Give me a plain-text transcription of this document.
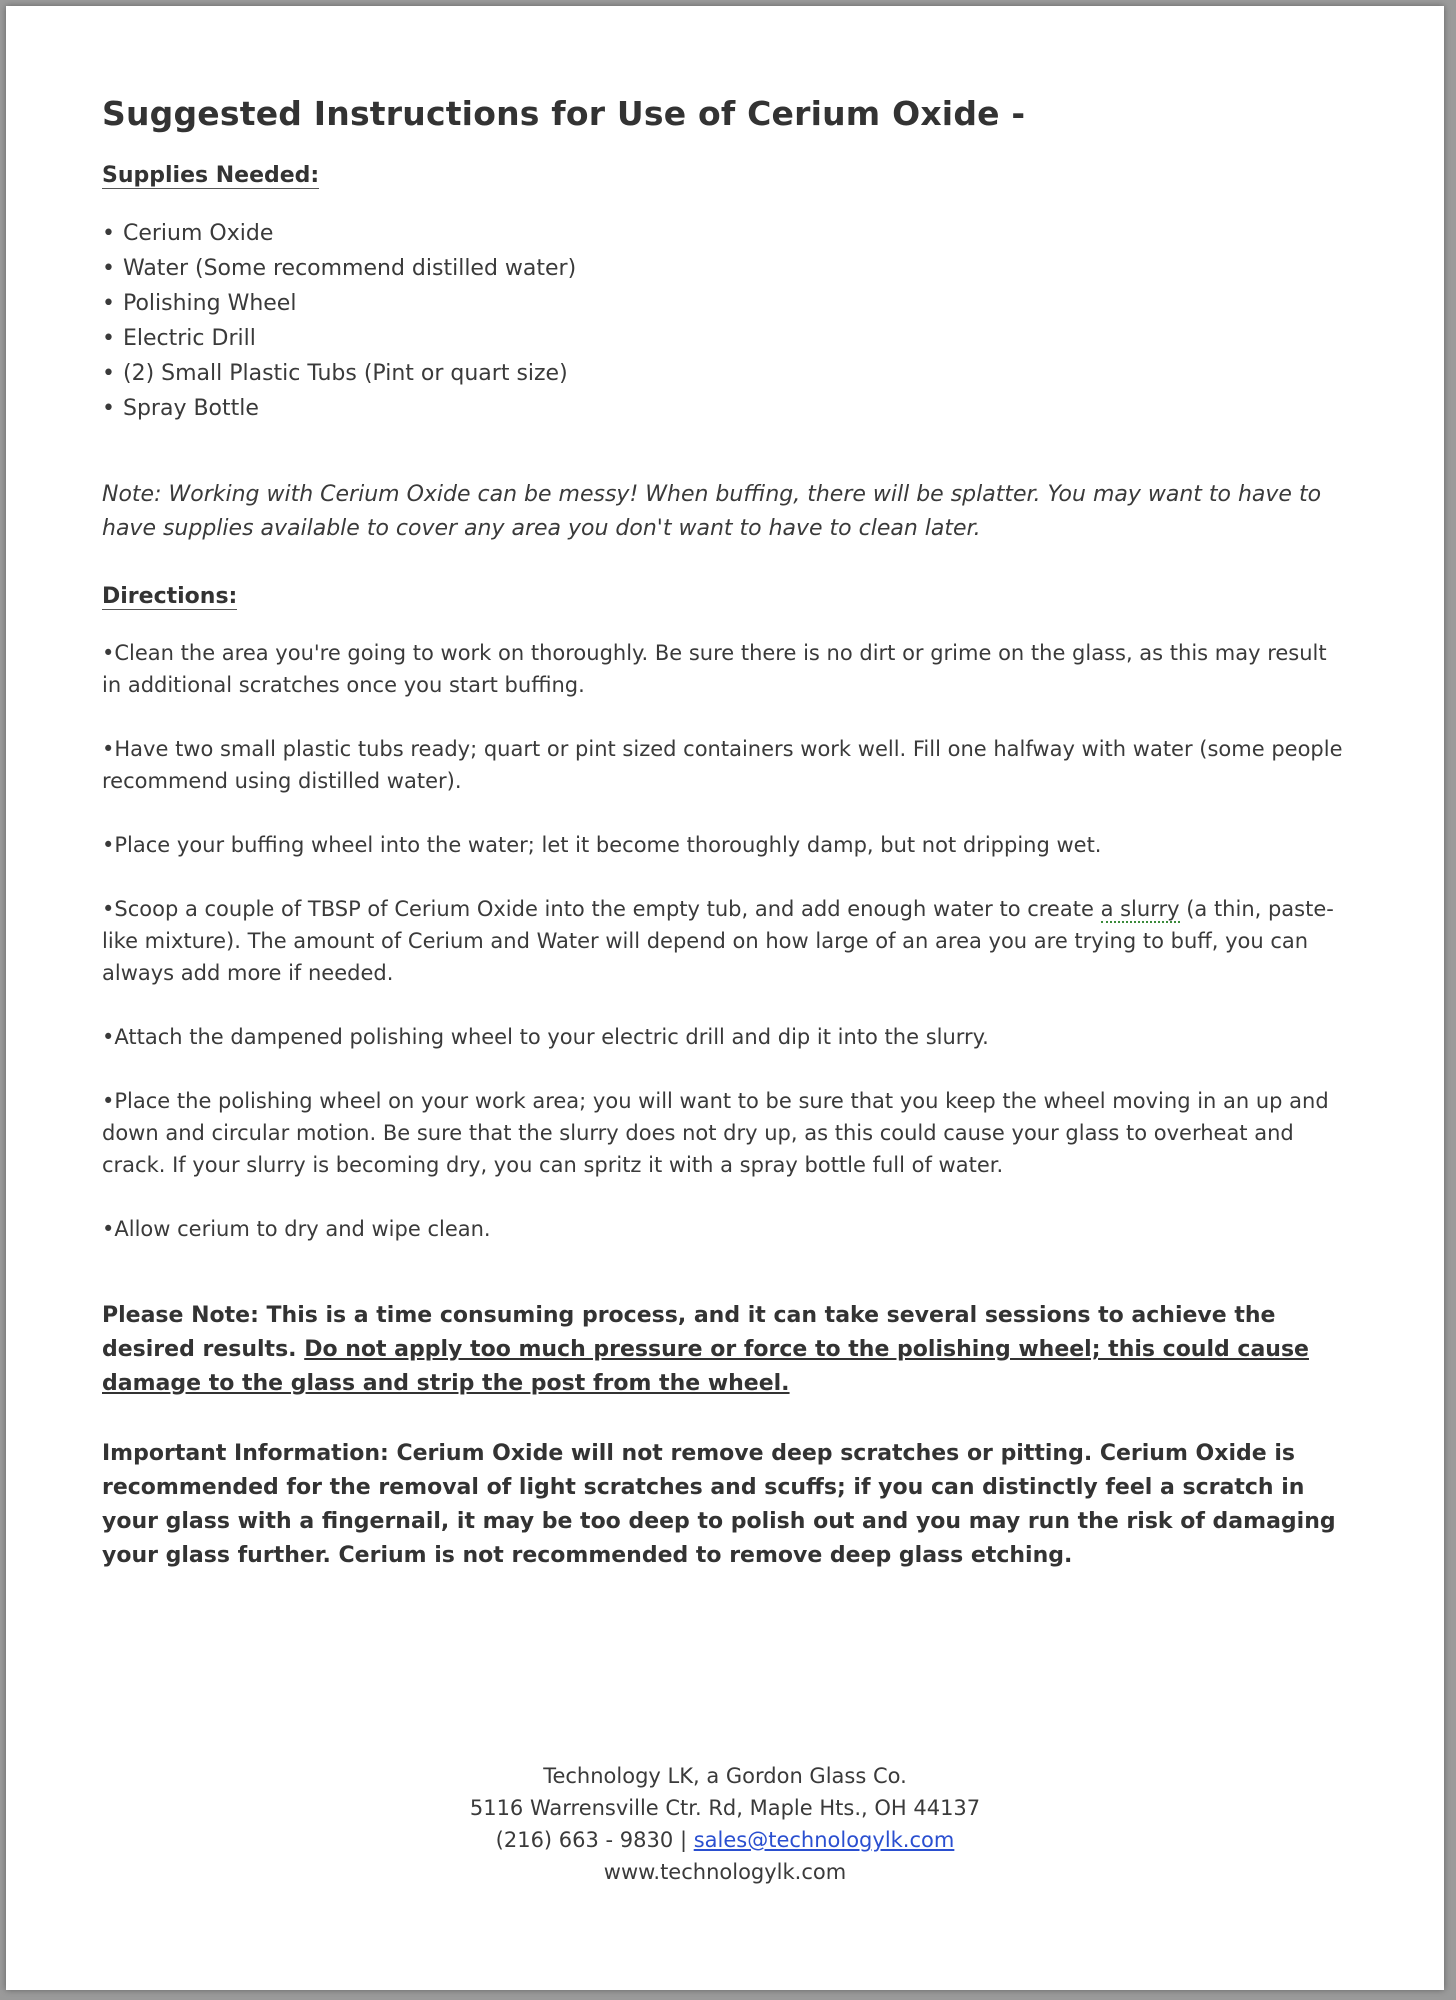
Suggested Instructions for Use of Cerium Oxide -
Supplies Needed:
• Cerium Oxide
• Water (Some recommend distilled water)
• Polishing Wheel
• Electric Drill
• (2) Small Plastic Tubs (Pint or quart size)
• Spray Bottle

Note: Working with Cerium Oxide can be messy! When buffing, there will be splatter. You may want to have to have supplies available to cover any area you don't want to have to clean later.

Directions:

• Clean the area you're going to work on thoroughly. Be sure there is no dirt or grime on the glass, as this may result in additional scratches once you start buffing.

• Have two small plastic tubs ready; quart or pint sized containers work well. Fill one halfway with water (some people recommend using distilled water).

• Place your buffing wheel into the water; let it become thoroughly damp, but not dripping wet.

• Scoop a couple of TBSP of Cerium Oxide into the empty tub, and add enough water to create a slurry (a thin, paste-like mixture). The amount of Cerium and Water will depend on how large of an area you are trying to buff, you can always add more if needed.

• Attach the dampened polishing wheel to your electric drill and dip it into the slurry.

• Place the polishing wheel on your work area; you will want to be sure that you keep the wheel moving in an up and down and circular motion. Be sure that the slurry does not dry up, as this could cause your glass to overheat and crack. If your slurry is becoming dry, you can spritz it with a spray bottle full of water.

• Allow cerium to dry and wipe clean.

Please Note: This is a time consuming process, and it can take several sessions to achieve the desired results. Do not apply too much pressure or force to the polishing wheel; this could cause damage to the glass and strip the post from the wheel.

Important Information: Cerium Oxide will not remove deep scratches or pitting. Cerium Oxide is recommended for the removal of light scratches and scuffs; if you can distinctly feel a scratch in your glass with a fingernail, it may be too deep to polish out and you may run the risk of damaging your glass further. Cerium is not recommended to remove deep glass etching.

Technology LK, a Gordon Glass Co.
5116 Warrensville Ctr. Rd, Maple Hts., OH 44137
(216) 663 - 9830 | sales@technologylk.com
www.technologylk.com
